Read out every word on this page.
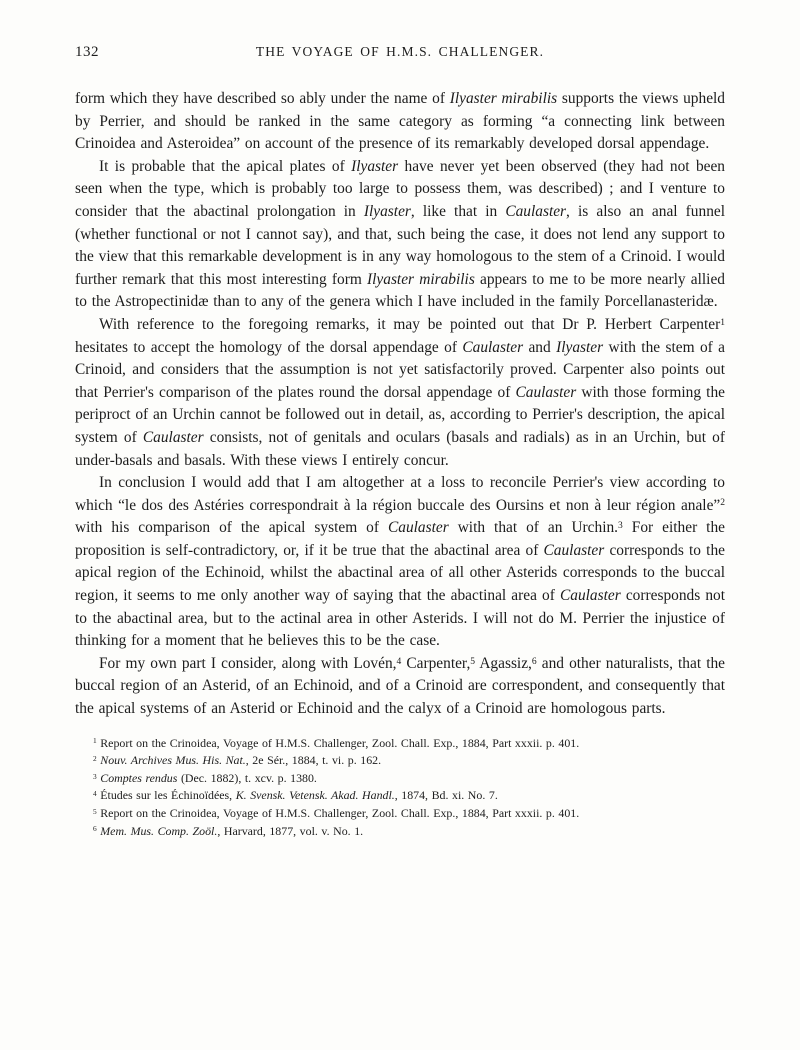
132	THE VOYAGE OF H.M.S. CHALLENGER.

form which they have described so ably under the name of Ilyaster mirabilis supports the views upheld by Perrier, and should be ranked in the same category as forming “a connecting link between Crinoidea and Asteroidea” on account of the presence of its remarkably developed dorsal appendage.

It is probable that the apical plates of Ilyaster have never yet been observed (they had not been seen when the type, which is probably too large to possess them, was described) ; and I venture to consider that the abactinal prolongation in Ilyaster, like that in Caulaster, is also an anal funnel (whether functional or not I cannot say), and that, such being the case, it does not lend any support to the view that this remarkable development is in any way homologous to the stem of a Crinoid. I would further remark that this most interesting form Ilyaster mirabilis appears to me to be more nearly allied to the Astropectinidæ than to any of the genera which I have included in the family Porcellanasteridæ.

With reference to the foregoing remarks, it may be pointed out that Dr P. Herbert Carpenter$^1$ hesitates to accept the homology of the dorsal appendage of Caulaster and Ilyaster with the stem of a Crinoid, and considers that the assumption is not yet satisfactorily proved. Carpenter also points out that Perrier's comparison of the plates round the dorsal appendage of Caulaster with those forming the periproct of an Urchin cannot be followed out in detail, as, according to Perrier's description, the apical system of Caulaster consists, not of genitals and oculars (basals and radials) as in an Urchin, but of under-basals and basals. With these views I entirely concur.

In conclusion I would add that I am altogether at a loss to reconcile Perrier's view according to which “le dos des Astéries correspondrait à la région buccale des Oursins et non à leur région anale”$^2$ with his comparison of the apical system of Caulaster with that of an Urchin.$^3$ For either the proposition is self-contradictory, or, if it be true that the abactinal area of Caulaster corresponds to the apical region of the Echinoid, whilst the abactinal area of all other Asterids corresponds to the buccal region, it seems to me only another way of saying that the abactinal area of Caulaster corresponds not to the abactinal area, but to the actinal area in other Asterids. I will not do M. Perrier the injustice of thinking for a moment that he believes this to be the case.

For my own part I consider, along with Lovén,$^4$ Carpenter,$^5$ Agassiz,$^6$ and other naturalists, that the buccal region of an Asterid, of an Echinoid, and of a Crinoid are correspondent, and consequently that the apical systems of an Asterid or Echinoid and the calyx of a Crinoid are homologous parts.

$^1$ Report on the Crinoidea, Voyage of H.M.S. Challenger, Zool. Chall. Exp., 1884, Part xxxii. p. 401.
$^2$ Nouv. Archives Mus. His. Nat., 2e Sér., 1884, t. vi. p. 162.
$^3$ Comptes rendus (Dec. 1882), t. xcv. p. 1380.
$^4$ Études sur les Échinoïdées, K. Svensk. Vetensk. Akad. Handl., 1874, Bd. xi. No. 7.
$^5$ Report on the Crinoidea, Voyage of H.M.S. Challenger, Zool. Chall. Exp., 1884, Part xxxii. p. 401.
$^6$ Mem. Mus. Comp. Zoöl., Harvard, 1877, vol. v. No. 1.
